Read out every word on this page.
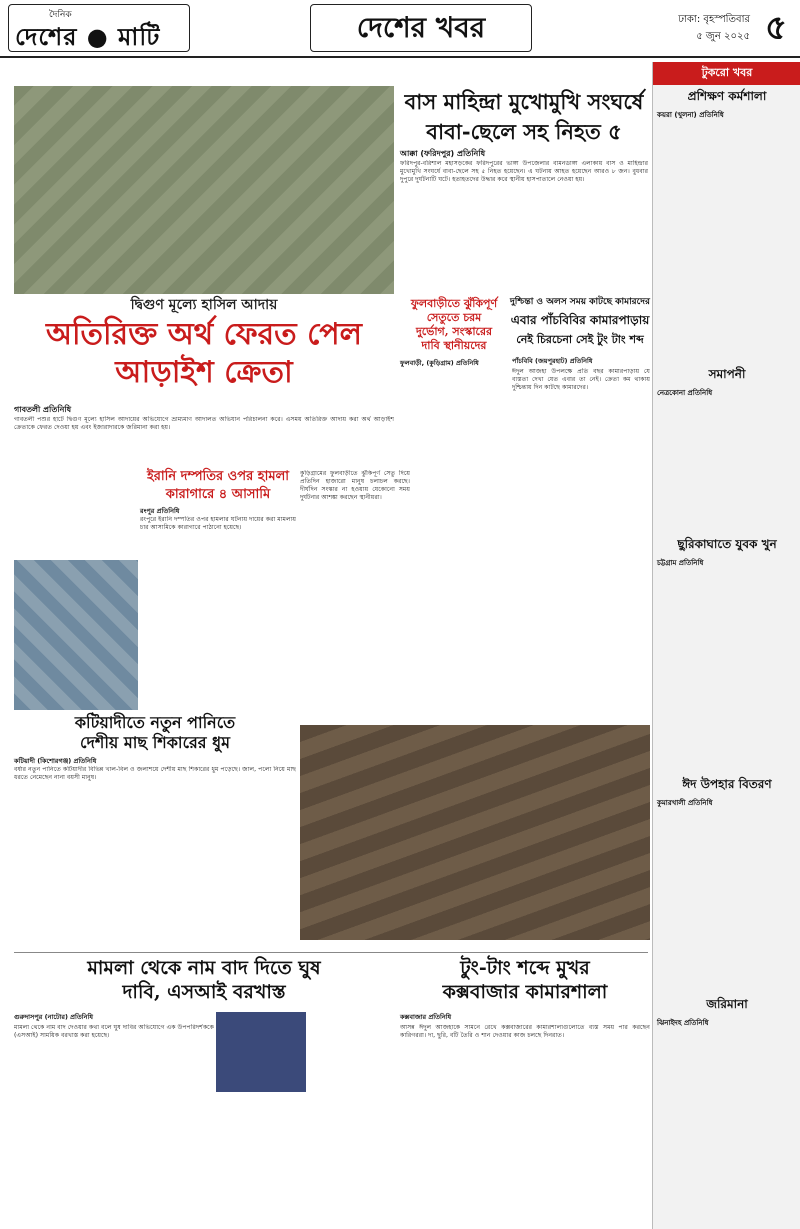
দৈনিক
দেশের ● মাটি	দেশের খবর	ঢাকা: বৃহস্পতিবার
৫ জুন ২০২৫ ৫
বাস মাহিন্দ্রা মুখোমুখি সংঘর্ষে
বাবা-ছেলে সহ নিহত ৫
আক্কা (ফরিদপুর) প্রতিনিধি
ফরিদপুর-বরিশাল মহাসড়কের ফরিদপুরের ভাঙ্গা উপজেলার বামনডাঙ্গা এলাকায় বাস ও মাহিন্দ্রার মুখোমুখি সংঘর্ষে বাবা-ছেলে সহ ৫ নিহত হয়েছেন। এ ঘটনায় আহত হয়েছেন আরও ৮ জন। বুধবার দুপুরে দুর্ঘটনাটি ঘটে। হতাহতদের উদ্ধার করে স্থানীয় হাসপাতালে নেওয়া হয়।
দ্বিগুণ মূল্যে হাসিল আদায়
অতিরিক্ত অর্থ ফেরত পেল
আড়াইশ ক্রেতা
গাবতলী প্রতিনিধি
গাবতলী পশুর হাটে দ্বিগুণ মূল্যে হাসিল আদায়ের অভিযোগে ভ্রাম্যমাণ আদালত অভিযান পরিচালনা করে। এসময় অতিরিক্ত আদায় করা অর্থ আড়াইশ ক্রেতাকে ফেরত দেওয়া হয় এবং ইজারাদারকে জরিমানা করা হয়।
ফুলবাড়ীতে ঝুঁকিপূর্ণ
সেতুতে চরম
দুর্ভোগ, সংস্কারের
দাবি স্থানীয়দের
ফুলবাড়ী, (কুড়িগ্রাম) প্রতিনিধি
কুড়িগ্রামের ফুলবাড়ীতে ঝুঁকিপূর্ণ সেতু দিয়ে প্রতিদিন হাজারো মানুষ চলাচল করছে। দীর্ঘদিন সংস্কার না হওয়ায় যেকোনো সময় দুর্ঘটনার আশঙ্কা করছেন স্থানীয়রা।
দুশ্চিন্তা ও অলস সময় কাটছে কামারদের
এবার পাঁচবিবির কামারপাড়ায়
নেই চিরচেনা সেই টুং টাং শব্দ
পাঁচবিবি (জয়পুরহাট) প্রতিনিধি
ঈদুল আজহা উপলক্ষে প্রতি বছর কামারপাড়ায় যে ব্যস্ততা দেখা যেত এবার তা নেই। ক্রেতা কম থাকায় দুশ্চিন্তায় দিন কাটছে কামারদের।
ইরানি দম্পতির ওপর হামলা
কারাগারে ৪ আসামি
রংপুর প্রতিনিধি
রংপুরে ইরানি দম্পতির ওপর হামলার ঘটনায় দায়ের করা মামলায় চার আসামিকে কারাগারে পাঠানো হয়েছে।
কটিয়াদীতে নতুন পানিতে
দেশীয় মাছ শিকারের ধুম
কটিয়াদী (কিশোরগঞ্জ) প্রতিনিধি
বর্ষার নতুন পানিতে কটিয়াদীর বিভিন্ন খাল-বিল ও জলাশয়ে দেশীয় মাছ শিকারের ধুম পড়েছে। জাল, পলো নিয়ে মাছ ধরতে নেমেছেন নানা বয়সী মানুষ।
মামলা থেকে নাম বাদ দিতে ঘুষ
দাবি, এসআই বরখাস্ত
গুরুদাসপুর (নাটোর) প্রতিনিধি
মামলা থেকে নাম বাদ দেওয়ার কথা বলে ঘুষ দাবির অভিযোগে এক উপপরিদর্শককে (এসআই) সাময়িক বরখাস্ত করা হয়েছে।
টুং-টাং শব্দে মুখর
কক্সবাজার কামারশালা
কক্সবাজার প্রতিনিধি
আসন্ন ঈদুল আজহাকে সামনে রেখে কক্সবাজারের কামারশালাগুলোতে ব্যস্ত সময় পার করছেন কারিগররা। দা, ছুরি, বটি তৈরি ও শান দেওয়ার কাজ চলছে দিনরাত।
টুকরো খবর
প্রশিক্ষণ কর্মশালা
কয়রা (খুলনা) প্রতিনিধি
সমাপনী
নেত্রকোনা প্রতিনিধি
ছুরিকাঘাতে যুবক খুন
চট্টগ্রাম প্রতিনিধি
ঈদ উপহার বিতরণ
কুমারখালী প্রতিনিধি
জরিমানা
ঝিনাইদহ প্রতিনিধি
